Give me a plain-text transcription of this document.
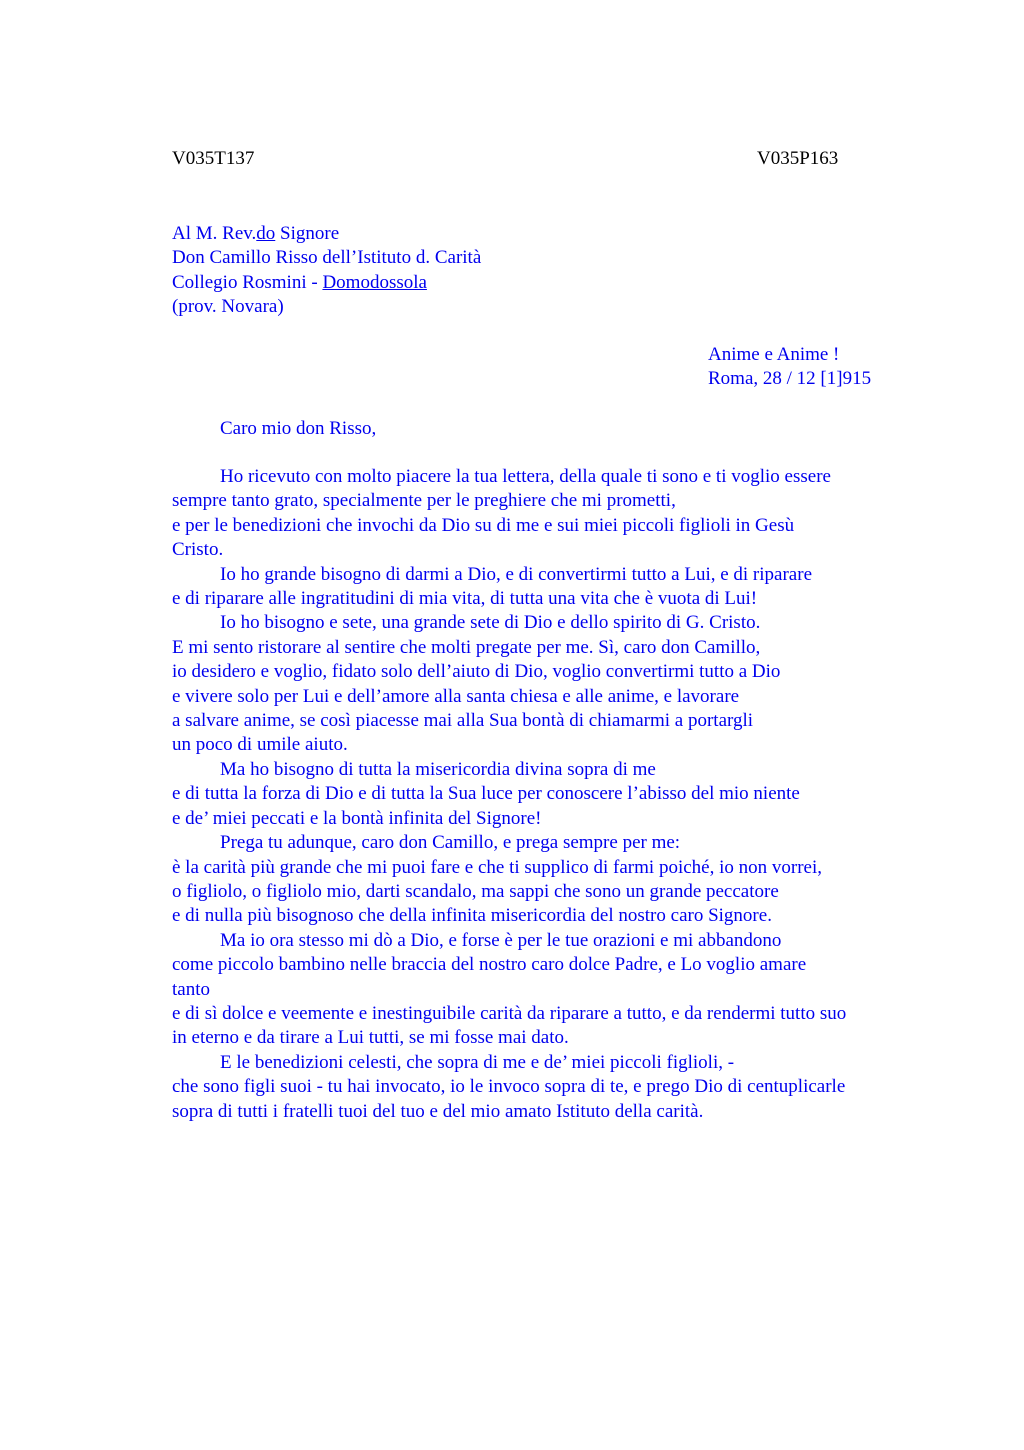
V035T137	V035P163
Al M. Rev.do Signore
Don Camillo Risso dell’Istituto d. Carità
Collegio Rosmini - Domodossola
(prov. Novara)
Anime e Anime !
Roma, 28 / 12 [1]915
Caro mio don Risso,
Ho ricevuto con molto piacere la tua lettera, della quale ti sono e ti voglio essere
sempre tanto grato, specialmente per le preghiere che mi prometti,
e per le benedizioni che invochi da Dio su di me e sui miei piccoli figlioli in Gesù
Cristo.
Io ho grande bisogno di darmi a Dio, e di convertirmi tutto a Lui, e di riparare
e di riparare alle ingratitudini di mia vita, di tutta una vita che è vuota di Lui!
Io ho bisogno e sete, una grande sete di Dio e dello spirito di G. Cristo.
E mi sento ristorare al sentire che molti pregate per me. Sì, caro don Camillo,
io desidero e voglio, fidato solo dell’aiuto di Dio, voglio convertirmi tutto a Dio
e vivere solo per Lui e dell’amore alla santa chiesa e alle anime, e lavorare
a salvare anime, se così piacesse mai alla Sua bontà di chiamarmi a portargli
un poco di umile aiuto.
Ma ho bisogno di tutta la misericordia divina sopra di me
e di tutta la forza di Dio e di tutta la Sua luce per conoscere l’abisso del mio niente
e de’ miei peccati e la bontà infinita del Signore!
Prega tu adunque, caro don Camillo, e prega sempre per me:
è la carità più grande che mi puoi fare e che ti supplico di farmi poiché, io non vorrei,
o figliolo, o figliolo mio, darti scandalo, ma sappi che sono un grande peccatore
e di nulla più bisognoso che della infinita misericordia del nostro caro Signore.
Ma io ora stesso mi dò a Dio, e forse è per le tue orazioni e mi abbandono
come piccolo bambino nelle braccia del nostro caro dolce Padre, e Lo voglio amare
tanto
e di sì dolce e veemente e inestinguibile carità da riparare a tutto, e da rendermi tutto suo
in eterno e da tirare a Lui tutti, se mi fosse mai dato.
E le benedizioni celesti, che sopra di me e de’ miei piccoli figlioli, -
che sono figli suoi - tu hai invocato, io le invoco sopra di te, e prego Dio di centuplicarle
sopra di tutti i fratelli tuoi del tuo e del mio amato Istituto della carità.
